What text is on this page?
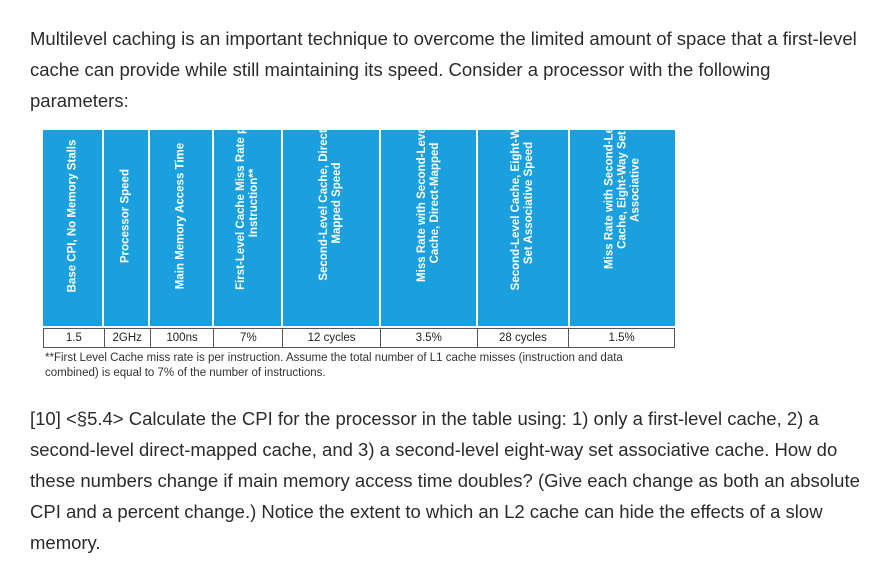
Multilevel caching is an important technique to overcome the limited amount of space that a first-level cache can provide while still maintaining its speed. Consider a processor with the following parameters:

Base CPI, No Memory Stalls	Processor Speed	Main Memory Access Time	First-Level Cache Miss Rate per Instruction**	Second-Level Cache, Direct-Mapped Speed	Miss Rate with Second-Level Cache, Direct-Mapped	Second-Level Cache, Eight-Way Set Associative Speed	Miss Rate with Second-Level Cache, Eight-Way Set Associative
1.5	2GHz	100ns	7%	12 cycles	3.5%	28 cycles	1.5%
**First Level Cache miss rate is per instruction. Assume the total number of L1 cache misses (instruction and data combined) is equal to 7% of the number of instructions.

[10] <§5.4> Calculate the CPI for the processor in the table using: 1) only a first-level cache, 2) a second-level direct-mapped cache, and 3) a second-level eight-way set associative cache. How do these numbers change if main memory access time doubles? (Give each change as both an absolute CPI and a percent change.) Notice the extent to which an L2 cache can hide the effects of a slow memory.
